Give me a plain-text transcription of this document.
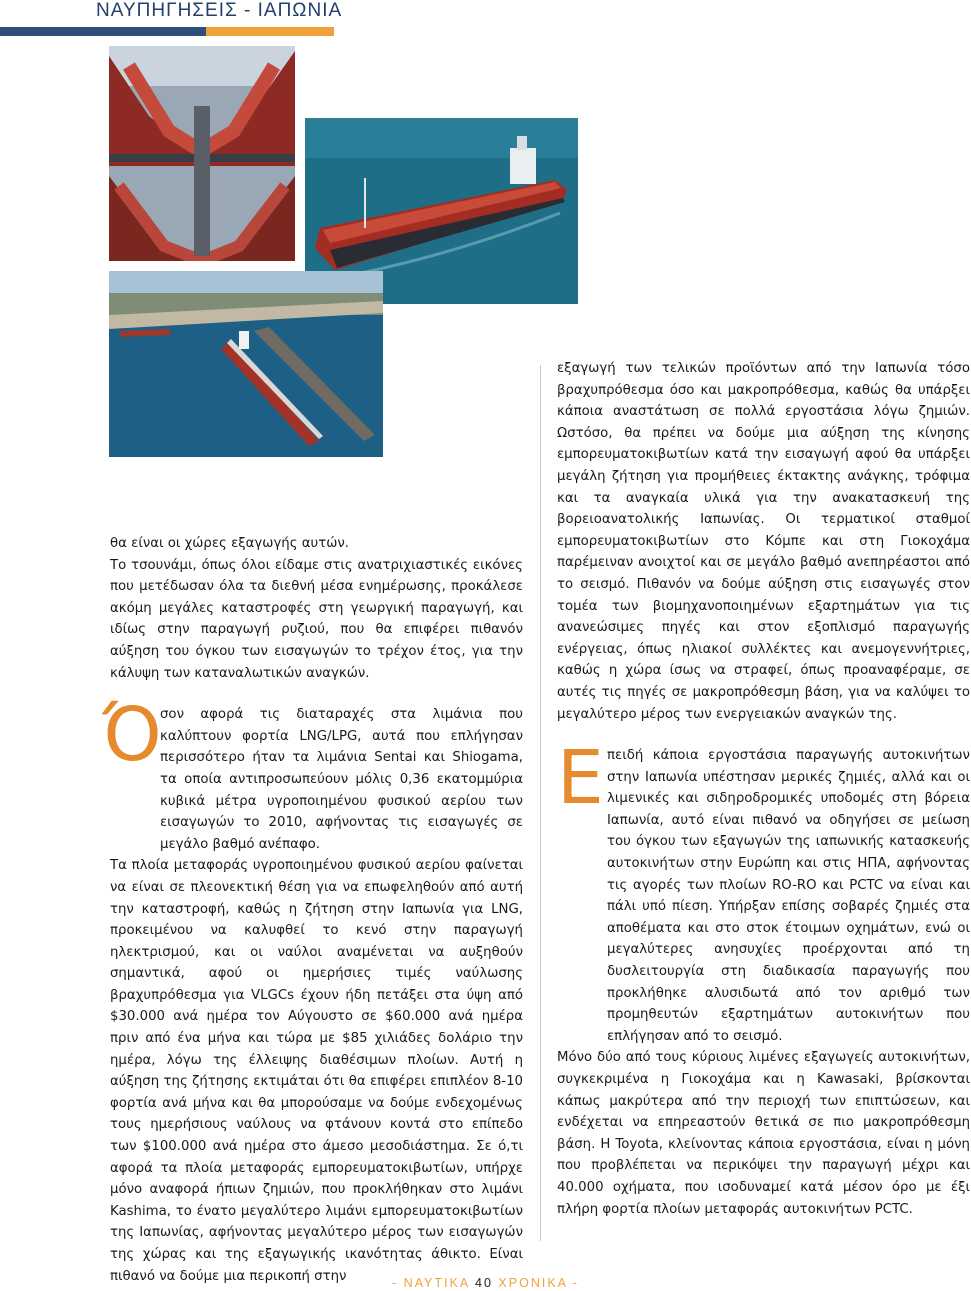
ΝΑΥΠΗΓΗΣΕΙΣ - ΙΑΠΩΝΙΑ

θα είναι οι χώρες εξαγωγής αυτών.
Το τσουνάμι, όπως όλοι είδαμε στις ανατριχιαστικές εικόνες που μετέδωσαν όλα τα διεθνή μέσα ενημέρωσης, προκάλεσε ακόμη μεγάλες καταστροφές στη γεωργική παραγωγή, και ιδίως στην παραγωγή ρυζιού, που θα επιφέρει πιθανόν αύξηση του όγκου των εισαγωγών το τρέχον έτος, για την κάλυψη των καταναλωτικών αναγκών.

Ό

σον αφορά τις διαταραχές στα λιμάνια που καλύπτουν φορτία LNG/LPG, αυτά που επλήγησαν περισσότερο ήταν τα λιμάνια Sentai και Shiogama, τα οποία αντιπροσωπεύουν μόλις 0,36 εκατομμύρια κυβικά μέτρα υγροποιημένου φυσικού αερίου των εισαγωγών το 2010, αφήνοντας τις εισαγωγές σε μεγάλο βαθμό ανέπαφο.

Τα πλοία μεταφοράς υγροποιημένου φυσικού αερίου φαίνεται να είναι σε πλεονεκτική θέση για να επωφεληθούν από αυτή την καταστροφή, καθώς η ζήτηση στην Ιαπωνία για LNG, προκειμένου να καλυφθεί το κενό στην παραγωγή ηλεκτρισμού, και οι ναύλοι αναμένεται να αυξηθούν σημαντικά, αφού οι ημερήσιες τιμές ναύλωσης βραχυπρόθεσμα για VLGCs έχουν ήδη πετάξει στα ύψη από $30.000 ανά ημέρα τον Αύγουστο σε $60.000 ανά ημέρα πριν από ένα μήνα και τώρα με $85 χιλιάδες δολάριο την ημέρα, λόγω της έλλειψης διαθέσιμων πλοίων. Αυτή η αύξηση της ζήτησης εκτιμάται ότι θα επιφέρει επιπλέον 8-10 φορτία ανά μήνα και θα μπορούσαμε να δούμε ενδεχομένως τους ημερήσιους ναύλους να φτάνουν κοντά στο επίπεδο των $100.000 ανά ημέρα στο άμεσο μεσοδιάστημα. Σε ό,τι αφορά τα πλοία μεταφοράς εμπορευματοκιβωτίων, υπήρχε μόνο αναφορά ήπιων ζημιών, που προκλήθηκαν στο λιμάνι Kashima, το ένατο μεγαλύτερο λιμάνι εμπορευματοκιβωτίων της Ιαπωνίας, αφήνοντας μεγαλύτερο μέρος των εισαγωγών της χώρας και της εξαγωγικής ικανότητας άθικτο. Είναι πιθανό να δούμε μια περικοπή στην

εξαγωγή των τελικών προϊόντων από την Ιαπωνία τόσο βραχυπρόθεσμα όσο και μακροπρόθεσμα, καθώς θα υπάρξει κάποια αναστάτωση σε πολλά εργοστάσια λόγω ζημιών. Ωστόσο, θα πρέπει να δούμε μια αύξηση της κίνησης εμπορευματοκιβωτίων κατά την εισαγωγή αφού θα υπάρξει μεγάλη ζήτηση για προμήθειες έκτακτης ανάγκης, τρόφιμα και τα αναγκαία υλικά για την ανακατασκευή της βορειοανατολικής Ιαπωνίας. Οι τερματικοί σταθμοί εμπορευματοκιβωτίων στο Κόμπε και στη Γιοκοχάμα παρέμειναν ανοιχτοί και σε μεγάλο βαθμό ανεπηρέαστοι από το σεισμό. Πιθανόν να δούμε αύξηση στις εισαγωγές στον τομέα των βιομηχανοποιημένων εξαρτημάτων για τις ανανεώσιμες πηγές και στον εξοπλισμό παραγωγής ενέργειας, όπως ηλιακοί συλλέκτες και ανεμογεννήτριες, καθώς η χώρα ίσως να στραφεί, όπως προαναφέραμε, σε αυτές τις πηγές σε μακροπρόθεσμη βάση, για να καλύψει το μεγαλύτερο μέρος των ενεργειακών αναγκών της.

Ε πειδή κάποια εργοστάσια παραγωγής αυτοκινήτων στην Ιαπωνία υπέστησαν μερικές ζημιές, αλλά και οι λιμενικές και σιδηροδρομικές υποδομές στη βόρεια Ιαπωνία, αυτό είναι πιθανό να οδηγήσει σε μείωση του όγκου των εξαγωγών της ιαπωνικής κατασκευής αυτοκινήτων στην Ευρώπη και στις ΗΠΑ, αφήνοντας τις αγορές των πλοίων RO-RO και PCTC να είναι και πάλι υπό πίεση. Υπήρξαν επίσης σοβαρές ζημιές στα αποθέματα και στο στοκ έτοιμων οχημάτων, ενώ οι μεγαλύτερες ανησυχίες προέρχονται από τη δυσλειτουργία στη διαδικασία παραγωγής που προκλήθηκε αλυσιδωτά από τον αριθμό των προμηθευτών εξαρτημάτων αυτοκινήτων που επλήγησαν από το σεισμό.

Μόνο δύο από τους κύριους λιμένες εξαγωγείς αυτοκινήτων, συγκεκριμένα η Γιοκοχάμα και η Kawasaki, βρίσκονται κάπως μακρύτερα από την περιοχή των επιπτώσεων, και ενδέχεται να επηρεαστούν θετικά σε πιο μακροπρόθεσμη βάση. Η Toyota, κλείνοντας κάποια εργοστάσια, είναι η μόνη που προβλέπεται να περικόψει την παραγωγή μέχρι και 40.000 οχήματα, που ισοδυναμεί κατά μέσον όρο με έξι πλήρη φορτία πλοίων μεταφοράς αυτοκινήτων PCTC.

- ΝΑΥΤΙΚΑ 40 ΧΡΟΝΙΚΑ -
